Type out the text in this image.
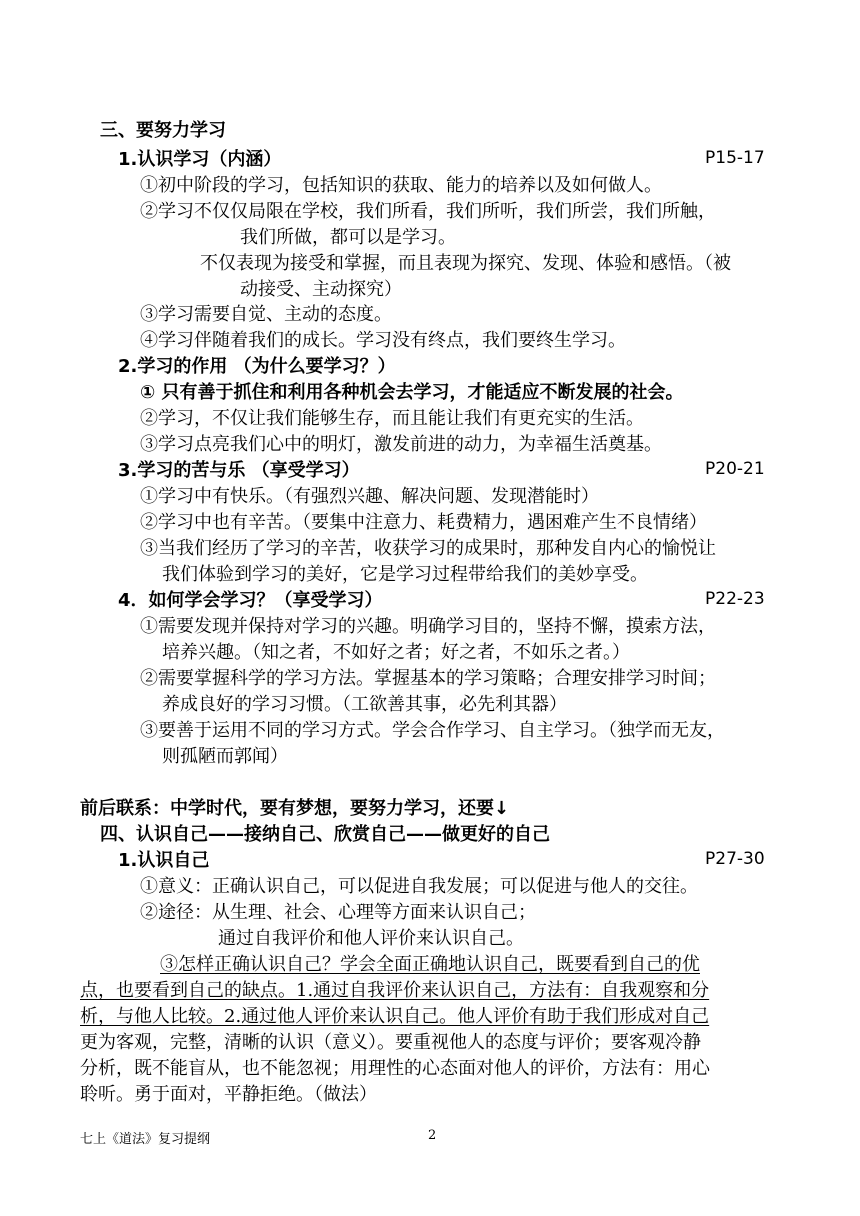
三、要努力学习
1.认识学习（内涵）	P15-17
①初中阶段的学习，包括知识的获取、能力的培养以及如何做人。
②学习不仅仅局限在学校，我们所看，我们所听，我们所尝，我们所触，
我们所做，都可以是学习。
不仅表现为接受和掌握，而且表现为探究、发现、体验和感悟。（被
动接受、主动探究）
③学习需要自觉、主动的态度。
④学习伴随着我们的成长。学习没有终点，我们要终生学习。
2.学习的作用 （为什么要学习？）
① 只有善于抓住和利用各种机会去学习，才能适应不断发展的社会。
②学习，不仅让我们能够生存，而且能让我们有更充实的生活。
③学习点亮我们心中的明灯，激发前进的动力，为幸福生活奠基。
3.学习的苦与乐 （享受学习）	P20-21
①学习中有快乐。（有强烈兴趣、解决问题、发现潜能时）
②学习中也有辛苦。（要集中注意力、耗费精力，遇困难产生不良情绪）
③当我们经历了学习的辛苦，收获学习的成果时，那种发自内心的愉悦让
我们体验到学习的美好，它是学习过程带给我们的美妙享受。
4．如何学会学习？（享受学习）	P22-23
①需要发现并保持对学习的兴趣。明确学习目的，坚持不懈，摸索方法，
培养兴趣。（知之者，不如好之者；好之者，不如乐之者。）
②需要掌握科学的学习方法。掌握基本的学习策略；合理安排学习时间；
养成良好的学习习惯。（工欲善其事，必先利其器）
③要善于运用不同的学习方式。学会合作学习、自主学习。（独学而无友，
则孤陋而郭闻）
前后联系：中学时代，要有梦想，要努力学习，还要↓
四、认识自己——接纳自己、欣赏自己——做更好的自己
1.认识自己	P27-30
①意义：正确认识自己，可以促进自我发展；可以促进与他人的交往。
②途径：从生理、社会、心理等方面来认识自己；
通过自我评价和他人评价来认识自己。
③怎样正确认识自己？学会全面正确地认识自己，既要看到自己的优
点，也要看到自己的缺点。1.通过自我评价来认识自己，方法有：自我观察和分
析，与他人比较。2.通过他人评价来认识自己。他人评价有助于我们形成对自己
更为客观，完整，清晰的认识（意义）。要重视他人的态度与评价；要客观冷静
分析，既不能盲从，也不能忽视；用理性的心态面对他人的评价，方法有：用心
聆听。勇于面对，平静拒绝。（做法）
七上《道法》复习提纲	2
